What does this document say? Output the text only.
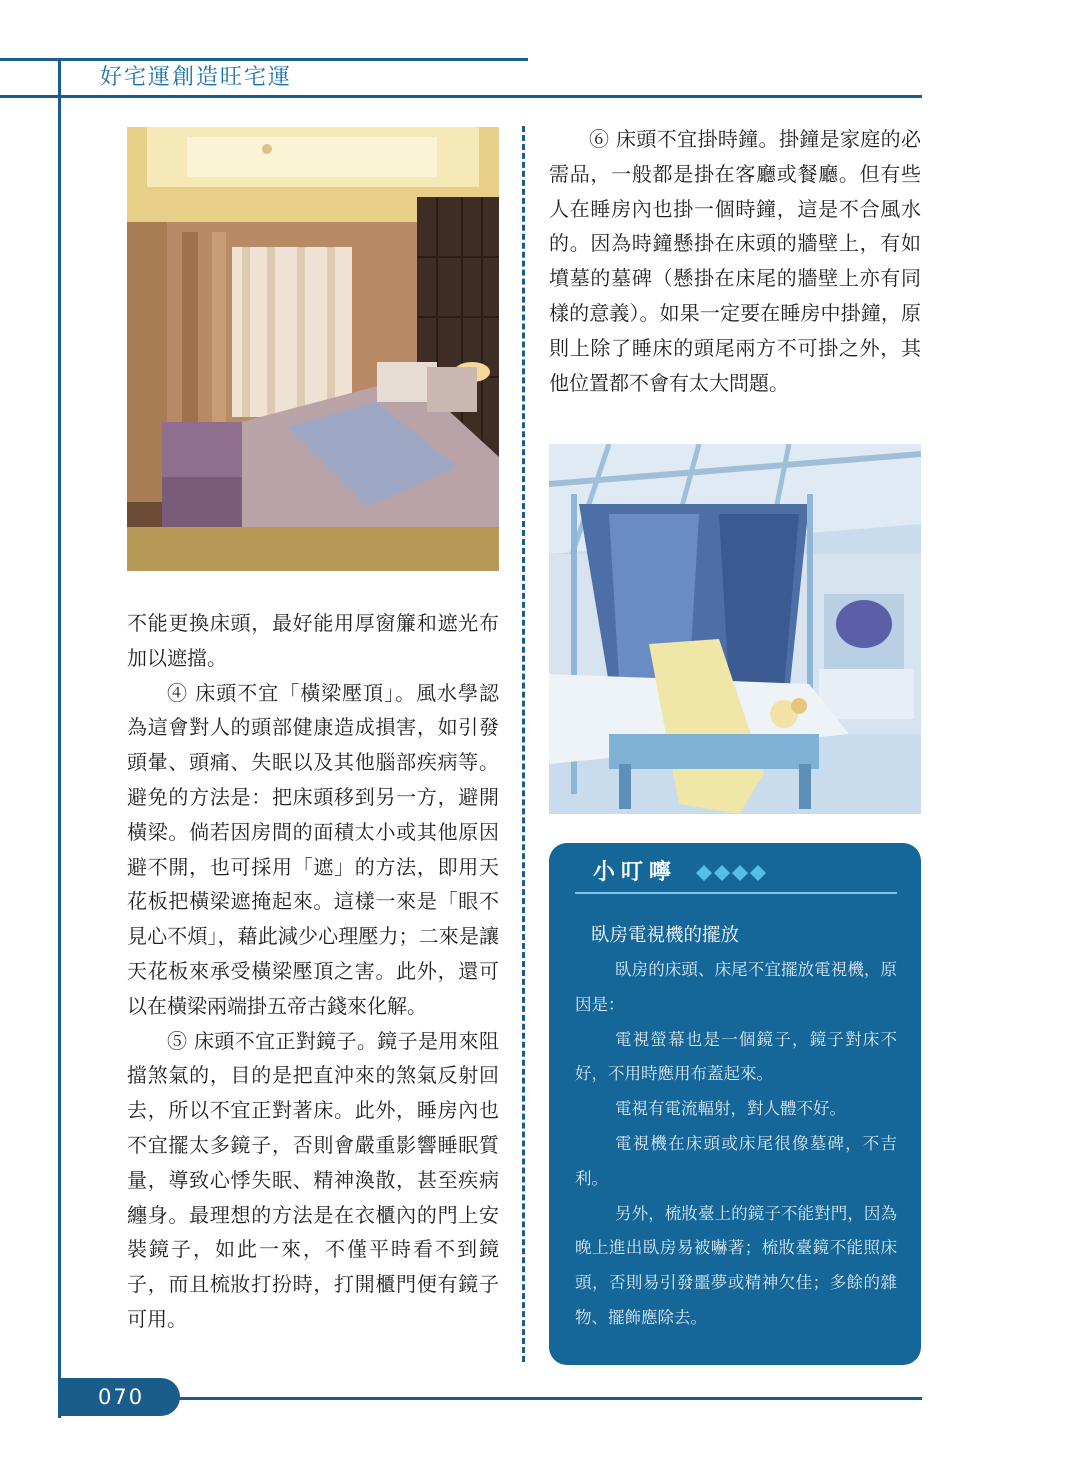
好宅運創造旺宅運

不能更換床頭，最好能用厚窗簾和遮光布加以遮擋。

④ 床頭不宜「橫梁壓頂」。風水學認為這會對人的頭部健康造成損害，如引發頭暈、頭痛、失眠以及其他腦部疾病等。避免的方法是：把床頭移到另一方，避開橫梁。倘若因房間的面積太小或其他原因避不開，也可採用「遮」的方法，即用天花板把橫梁遮掩起來。這樣一來是「眼不見心不煩」，藉此減少心理壓力；二來是讓天花板來承受橫梁壓頂之害。此外，還可以在橫梁兩端掛五帝古錢來化解。

⑤ 床頭不宜正對鏡子。鏡子是用來阻擋煞氣的，目的是把直沖來的煞氣反射回去，所以不宜正對著床。此外，睡房內也不宜擺太多鏡子，否則會嚴重影響睡眠質量，導致心悸失眠、精神渙散，甚至疾病纏身。最理想的方法是在衣櫃內的門上安裝鏡子，如此一來，不僅平時看不到鏡子，而且梳妝打扮時，打開櫃門便有鏡子可用。

⑥ 床頭不宜掛時鐘。掛鐘是家庭的必需品，一般都是掛在客廳或餐廳。但有些人在睡房內也掛一個時鐘，這是不合風水的。因為時鐘懸掛在床頭的牆壁上，有如墳墓的墓碑（懸掛在床尾的牆壁上亦有同樣的意義）。如果一定要在睡房中掛鐘，原則上除了睡床的頭尾兩方不可掛之外，其他位置都不會有太大問題。

小叮嚀
臥房電視機的擺放

臥房的床頭、床尾不宜擺放電視機，原因是：

電視螢幕也是一個鏡子，鏡子對床不好，不用時應用布蓋起來。

電視有電流輻射，對人體不好。

電視機在床頭或床尾很像墓碑，不吉利。

另外，梳妝臺上的鏡子不能對門，因為晚上進出臥房易被嚇著；梳妝臺鏡不能照床頭，否則易引發噩夢或精神欠佳；多餘的雜物、擺飾應除去。

070
